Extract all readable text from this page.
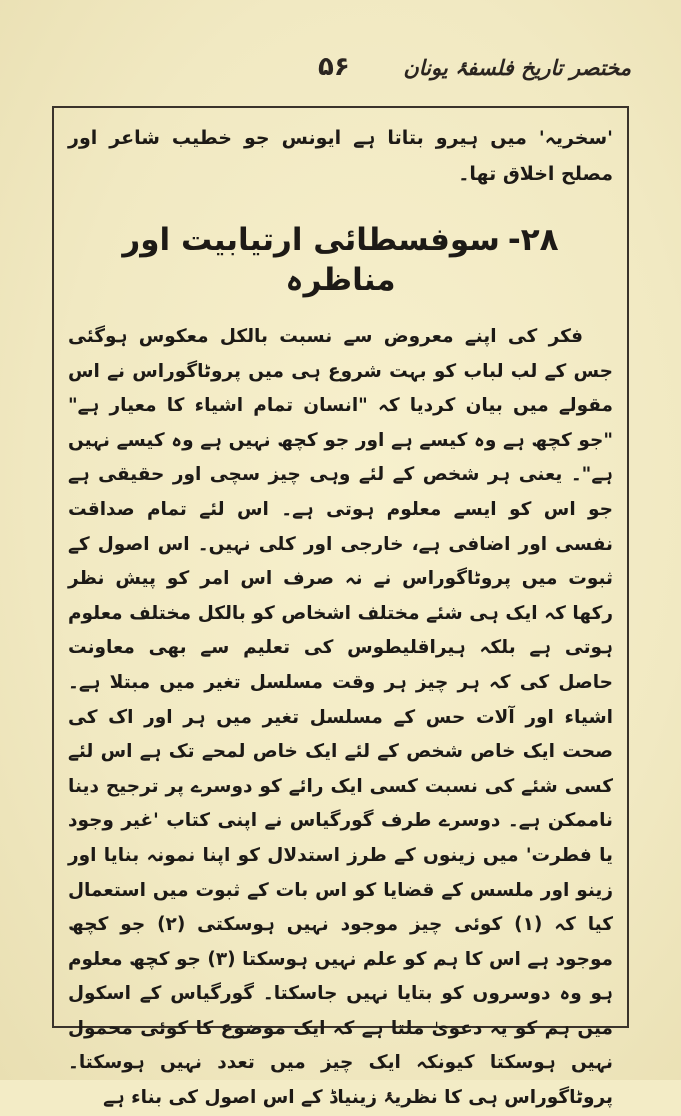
مختصر تاریخ فلسفۂ یونان
۵۶

'سخریہ' میں ہیرو بتاتا ہے ایونس جو خطیب شاعر اور مصلح اخلاق تھا۔

۲۸-سوفسطائی ارتیابیت اور مناظرہ

فکر کی اپنے معروض سے نسبت بالکل معکوس ہوگئی جس کے لب لباب کو بہت شروع ہی میں پروٹاگوراس نے اس مقولے میں بیان کردیا کہ "انسان تمام اشیاء کا معیار ہے" "جو کچھ ہے وہ کیسے ہے اور جو کچھ نہیں ہے وہ کیسے نہیں ہے"۔ یعنی ہر شخص کے لئے وہی چیز سچی اور حقیقی ہے جو اس کو ایسے معلوم ہوتی ہے۔ اس لئے تمام صداقت نفسی اور اضافی ہے، خارجی اور کلی نہیں۔ اس اصول کے ثبوت میں پروٹاگوراس نے نہ صرف اس امر کو پیش نظر رکھا کہ ایک ہی شئے مختلف اشخاص کو بالکل مختلف معلوم ہوتی ہے بلکہ ہیراقلیطوس کی تعلیم سے بھی معاونت حاصل کی کہ ہر چیز ہر وقت مسلسل تغیر میں مبتلا ہے۔ اشیاء اور آلات حس کے مسلسل تغیر میں ہر اور اک کی صحت ایک خاص شخص کے لئے ایک خاص لمحے تک ہے اس لئے کسی شئے کی نسبت کسی ایک رائے کو دوسرے پر ترجیح دینا ناممکن ہے۔ دوسرے طرف گورگیاس نے اپنی کتاب 'غیر وجود یا فطرت' میں زینوں کے طرز استدلال کو اپنا نمونہ بنایا اور زینو اور ملسس کے قضایا کو اس بات کے ثبوت میں استعمال کیا کہ (۱) کوئی چیز موجود نہیں ہوسکتی (۲) جو کچھ موجود ہے اس کا ہم کو علم نہیں ہوسکتا (۳) جو کچھ معلوم ہو وہ دوسروں کو بتایا نہیں جاسکتا۔ گورگیاس کے اسکول میں ہم کو یہ دعویٰ ملتا ہے کہ ایک موضوع کا کوئی محمول نہیں ہوسکتا کیونکہ ایک چیز میں تعدد نہیں ہوسکتا۔ پروٹاگوراس ہی کا نظریۂ زینیاڈ کے اس اصول کی بناء ہے
